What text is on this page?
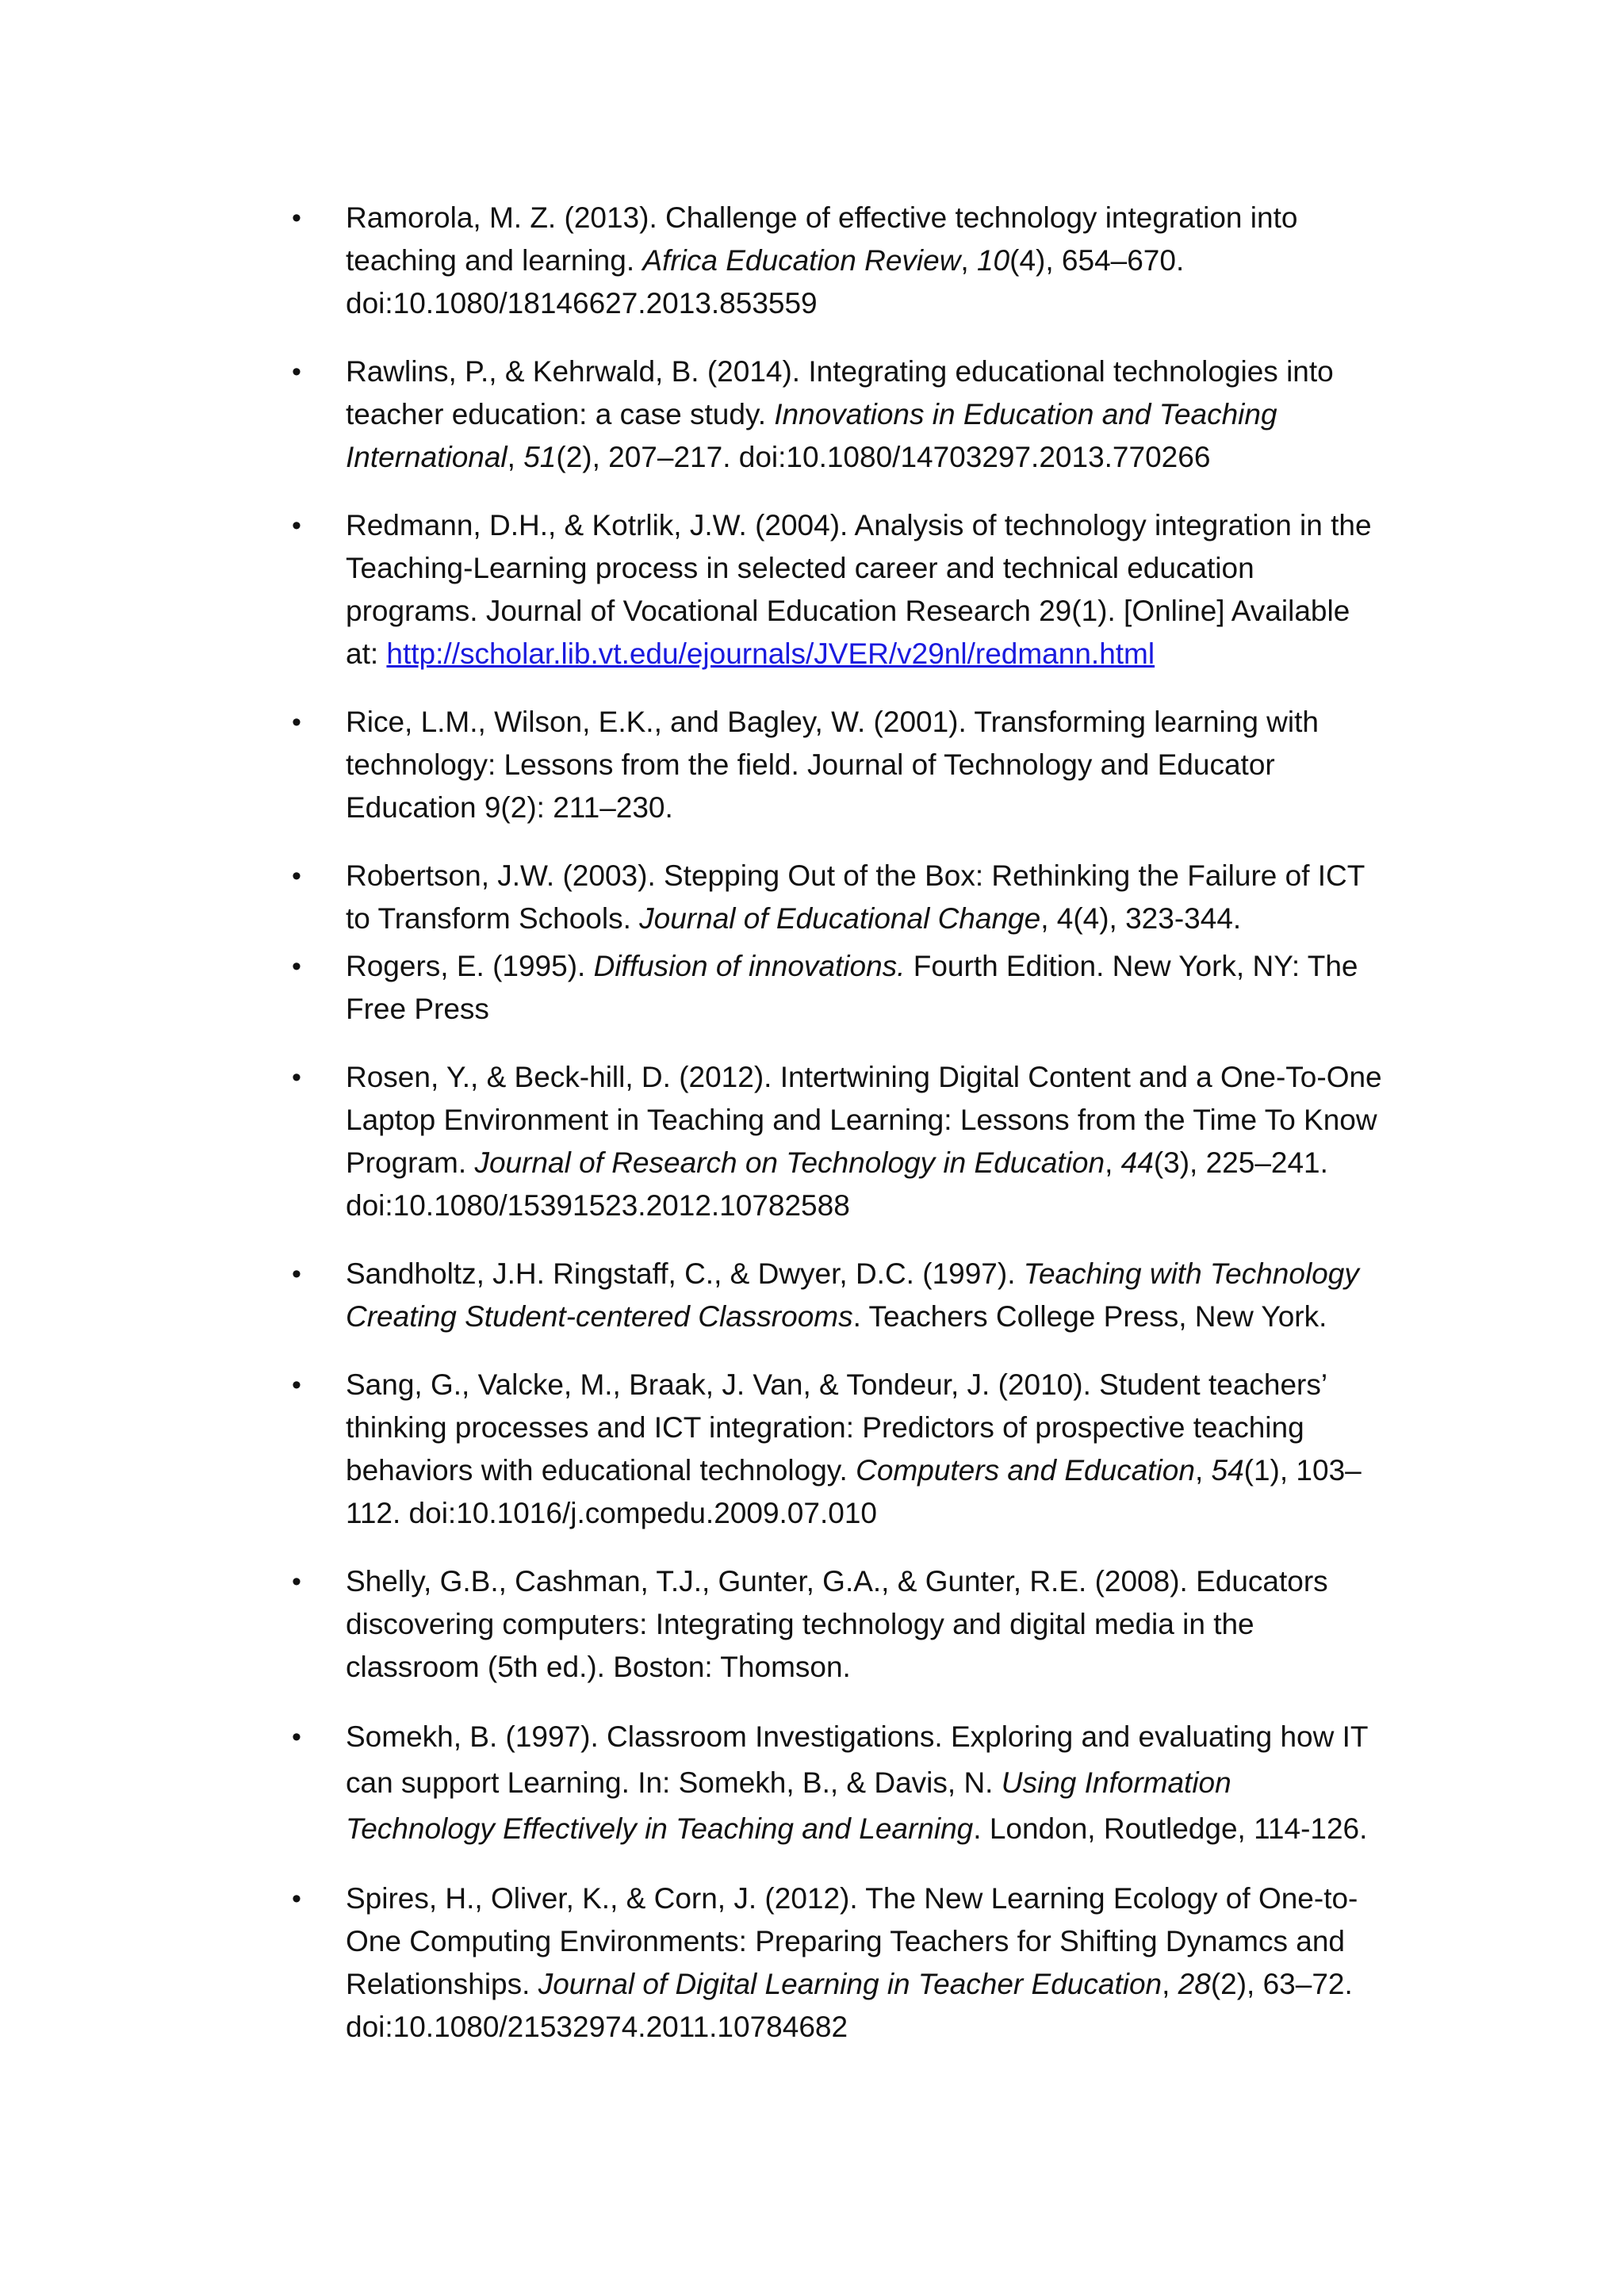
•	Ramorola, M. Z. (2013). Challenge of effective technology integration into teaching and learning. Africa Education Review, 10(4), 654–670. doi:10.1080/18146627.2013.853559
•	Rawlins, P., & Kehrwald, B. (2014). Integrating educational technologies into teacher education: a case study. Innovations in Education and Teaching International, 51(2), 207–217. doi:10.1080/14703297.2013.770266
•	Redmann, D.H., & Kotrlik, J.W. (2004). Analysis of technology integration in the Teaching-Learning process in selected career and technical education programs. Journal of Vocational Education Research 29(1). [Online] Available at: http://scholar.lib.vt.edu/ejournals/JVER/v29nl/redmann.html
•	Rice, L.M., Wilson, E.K., and Bagley, W. (2001). Transforming learning with technology: Lessons from the field. Journal of Technology and Educator Education 9(2): 211–230.
•	Robertson, J.W. (2003). Stepping Out of the Box: Rethinking the Failure of ICT to Transform Schools. Journal of Educational Change, 4(4), 323-344.
•	Rogers, E. (1995). Diffusion of innovations. Fourth Edition. New York, NY: The Free Press
•	Rosen, Y., & Beck-hill, D. (2012). Intertwining Digital Content and a One-To-One Laptop Environment in Teaching and Learning: Lessons from the Time To Know Program. Journal of Research on Technology in Education, 44(3), 225–241. doi:10.1080/15391523.2012.10782588
•	Sandholtz, J.H. Ringstaff, C., & Dwyer, D.C. (1997). Teaching with Technology Creating Student-centered Classrooms. Teachers College Press, New York.
•	Sang, G., Valcke, M., Braak, J. Van, & Tondeur, J. (2010). Student teachers’ thinking processes and ICT integration: Predictors of prospective teaching behaviors with educational technology. Computers and Education, 54(1), 103–112. doi:10.1016/j.compedu.2009.07.010
•	Shelly, G.B., Cashman, T.J., Gunter, G.A., & Gunter, R.E. (2008). Educators discovering computers: Integrating technology and digital media in the classroom (5th ed.). Boston: Thomson.
•	Somekh, B. (1997). Classroom Investigations. Exploring and evaluating how IT can support Learning. In: Somekh, B., & Davis, N. Using Information Technology Effectively in Teaching and Learning. London, Routledge, 114-126.
•	Spires, H., Oliver, K., & Corn, J. (2012). The New Learning Ecology of One-to-One Computing Environments: Preparing Teachers for Shifting Dynamcs and Relationships. Journal of Digital Learning in Teacher Education, 28(2), 63–72. doi:10.1080/21532974.2011.10784682
